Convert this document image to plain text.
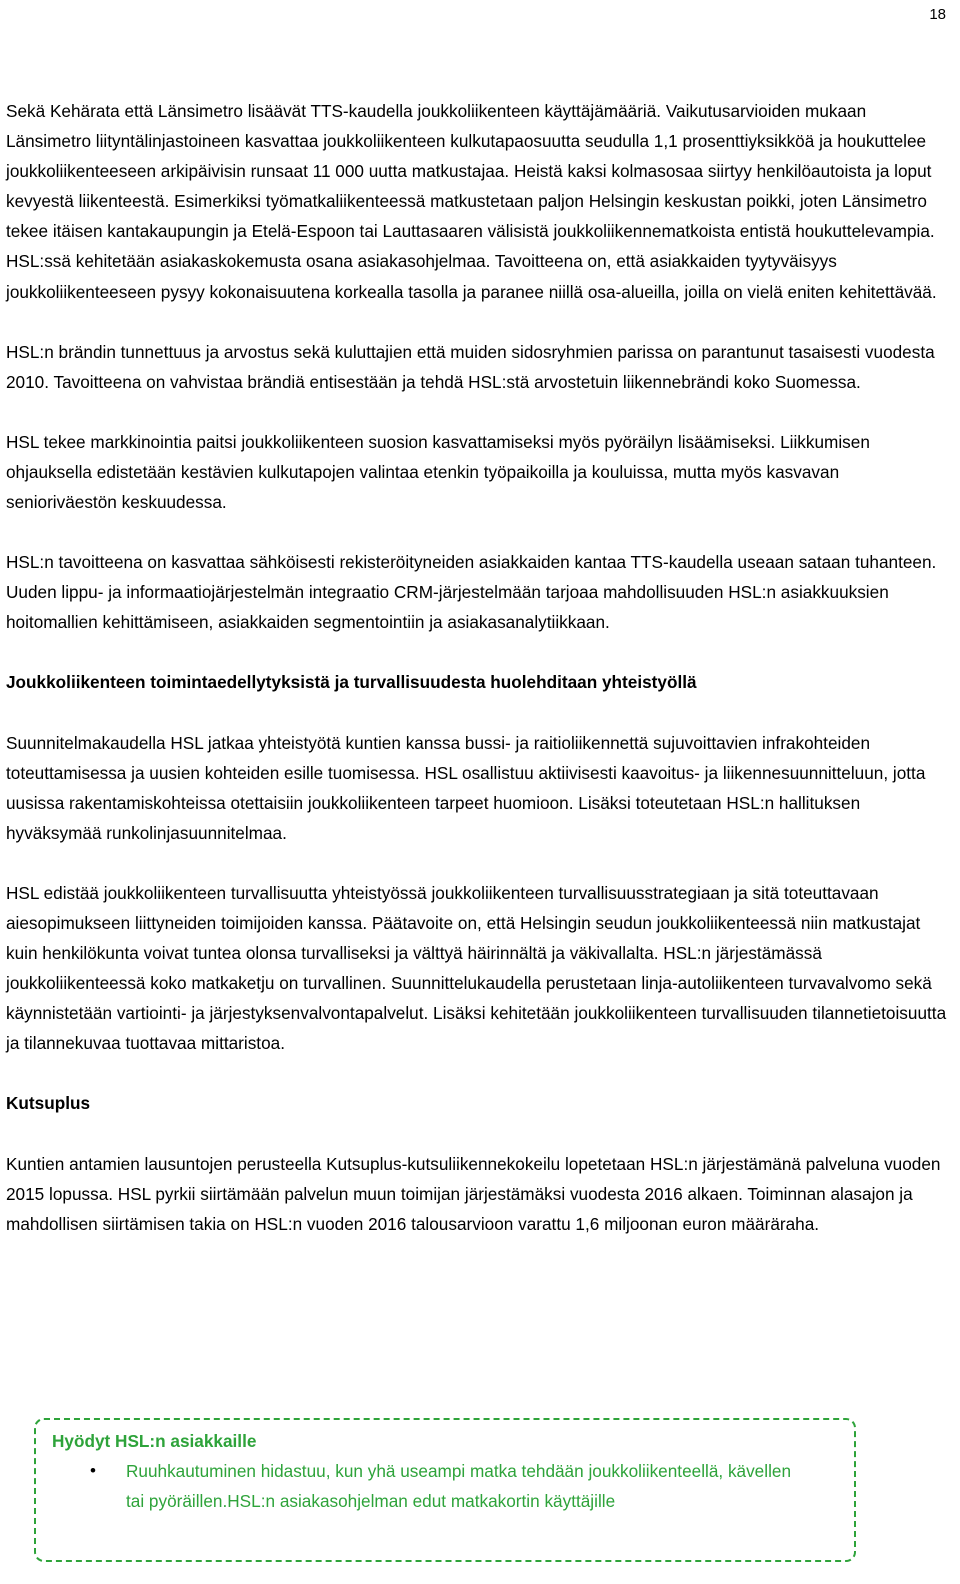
18

Sekä Kehärata että Länsimetro lisäävät TTS-kaudella joukkoliikenteen käyttäjämääriä. Vaikutusarvioiden mukaan Länsimetro liityntälinjastoineen kasvattaa joukkoliikenteen kulkutapaosuutta seudulla 1,1 prosenttiyksikköä ja houkuttelee joukkoliikenteeseen arkipäivisin runsaat 11 000 uutta matkustajaa. Heistä kaksi kolmasosaa siirtyy henkilöautoista ja loput kevyestä liikenteestä. Esimerkiksi työmatkaliikenteessä matkustetaan paljon Helsingin keskustan poikki, joten Länsimetro tekee itäisen kantakaupungin ja Etelä-Espoon tai Lauttasaaren välisistä joukkoliikennematkoista entistä houkuttelevampia. HSL:ssä kehitetään asiakaskokemusta osana asiakasohjelmaa. Tavoitteena on, että asiakkaiden tyytyväisyys joukkoliikenteeseen pysyy kokonaisuutena korkealla tasolla ja paranee niillä osa-alueilla, joilla on vielä eniten kehitettävää.

HSL:n brändin tunnettuus ja arvostus sekä kuluttajien että muiden sidosryhmien parissa on parantunut tasaisesti vuodesta 2010. Tavoitteena on vahvistaa brändiä entisestään ja tehdä HSL:stä arvostetuin liikennebrändi koko Suomessa.

HSL tekee markkinointia paitsi joukkoliikenteen suosion kasvattamiseksi myös pyöräilyn lisäämiseksi. Liikkumisen ohjauksella edistetään kestävien kulkutapojen valintaa etenkin työpaikoilla ja kouluissa, mutta myös kasvavan senioriväestön keskuudessa.

HSL:n tavoitteena on kasvattaa sähköisesti rekisteröityneiden asiakkaiden kantaa TTS-kaudella useaan sataan tuhanteen. Uuden lippu- ja informaatiojärjestelmän integraatio CRM-järjestelmään tarjoaa mahdollisuuden HSL:n asiakkuuksien hoitomallien kehittämiseen, asiakkaiden segmentointiin ja asiakasanalytiikkaan.

Joukkoliikenteen toimintaedellytyksistä ja turvallisuudesta huolehditaan yhteistyöllä

Suunnitelmakaudella HSL jatkaa yhteistyötä kuntien kanssa bussi- ja raitioliikennettä sujuvoittavien infrakohteiden toteuttamisessa ja uusien kohteiden esille tuomisessa. HSL osallistuu aktiivisesti kaavoitus- ja liikennesuunnitteluun, jotta uusissa rakentamiskohteissa otettaisiin joukkoliikenteen tarpeet huomioon. Lisäksi toteutetaan HSL:n hallituksen hyväksymää runkolinjasuunnitelmaa.

HSL edistää joukkoliikenteen turvallisuutta yhteistyössä joukkoliikenteen turvallisuusstrategiaan ja sitä toteuttavaan aiesopimukseen liittyneiden toimijoiden kanssa. Päätavoite on, että Helsingin seudun joukkoliikenteessä niin matkustajat kuin henkilökunta voivat tuntea olonsa turvalliseksi ja välttyä häirinnältä ja väkivallalta. HSL:n järjestämässä joukkoliikenteessä koko matkaketju on turvallinen. Suunnittelukaudella perustetaan linja-autoliikenteen turvavalvomo sekä käynnistetään vartiointi- ja järjestyksenvalvontapalvelut. Lisäksi kehitetään joukkoliikenteen turvallisuuden tilannetietoisuutta ja tilannekuvaa tuottavaa mittaristoa.

Kutsuplus

Kuntien antamien lausuntojen perusteella Kutsuplus-kutsuliikennekokeilu lopetetaan HSL:n järjestämänä palveluna vuoden 2015 lopussa. HSL pyrkii siirtämään palvelun muun toimijan järjestämäksi vuodesta 2016 alkaen. Toiminnan alasajon ja mahdollisen siirtämisen takia on HSL:n vuoden 2016 talousarvioon varattu 1,6 miljoonan euron määräraha.

Hyödyt HSL:n asiakkaille
• Ruuhkautuminen hidastuu, kun yhä useampi matka tehdään joukkoliikenteellä, kävellen tai pyöräillen.HSL:n asiakasohjelman edut matkakortin käyttäjille
